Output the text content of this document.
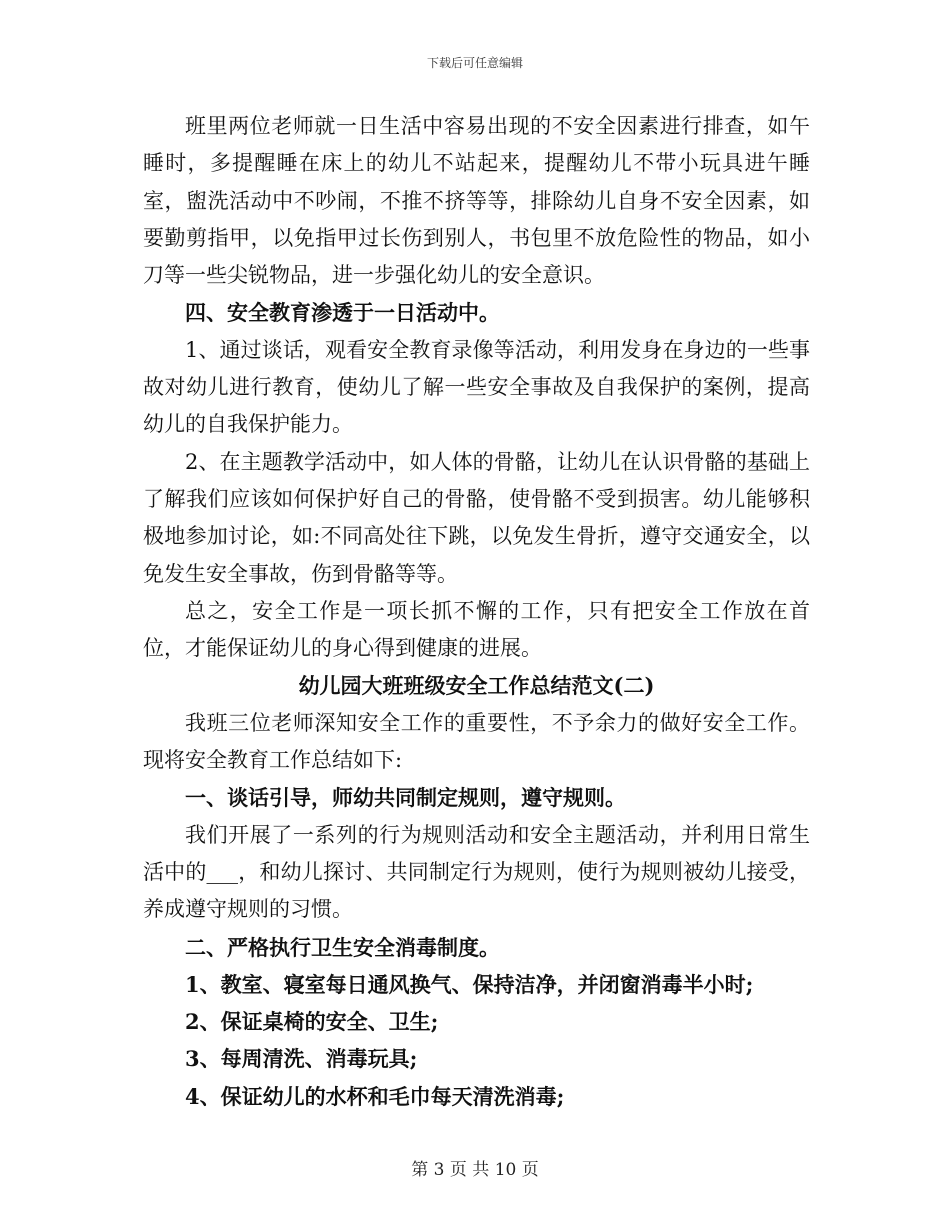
下载后可任意编辑

班里两位老师就一日生活中容易出现的不安全因素进行排查，如午睡时，多提醒睡在床上的幼儿不站起来，提醒幼儿不带小玩具进午睡室，盥洗活动中不吵闹，不推不挤等等，排除幼儿自身不安全因素，如要勤剪指甲，以免指甲过长伤到别人，书包里不放危险性的物品，如小刀等一些尖锐物品，进一步强化幼儿的安全意识。

四、安全教育渗透于一日活动中。

1、通过谈话，观看安全教育录像等活动，利用发身在身边的一些事故对幼儿进行教育，使幼儿了解一些安全事故及自我保护的案例，提高幼儿的自我保护能力。

2、在主题教学活动中，如人体的骨骼，让幼儿在认识骨骼的基础上了解我们应该如何保护好自己的骨骼，使骨骼不受到损害。幼儿能够积极地参加讨论，如:不同高处往下跳，以免发生骨折，遵守交通安全，以免发生安全事故，伤到骨骼等等。

总之，安全工作是一项长抓不懈的工作，只有把安全工作放在首位，才能保证幼儿的身心得到健康的进展。

幼儿园大班班级安全工作总结范文(二)

我班三位老师深知安全工作的重要性，不予余力的做好安全工作。现将安全教育工作总结如下:

一、谈话引导，师幼共同制定规则，遵守规则。

我们开展了一系列的行为规则活动和安全主题活动，并利用日常生活中的___，和幼儿探讨、共同制定行为规则，使行为规则被幼儿接受，养成遵守规则的习惯。

二、严格执行卫生安全消毒制度。

1、教室、寝室每日通风换气、保持洁净，并闭窗消毒半小时;

2、保证桌椅的安全、卫生;

3、每周清洗、消毒玩具;

4、保证幼儿的水杯和毛巾每天清洗消毒;

第 3 页 共 10 页
